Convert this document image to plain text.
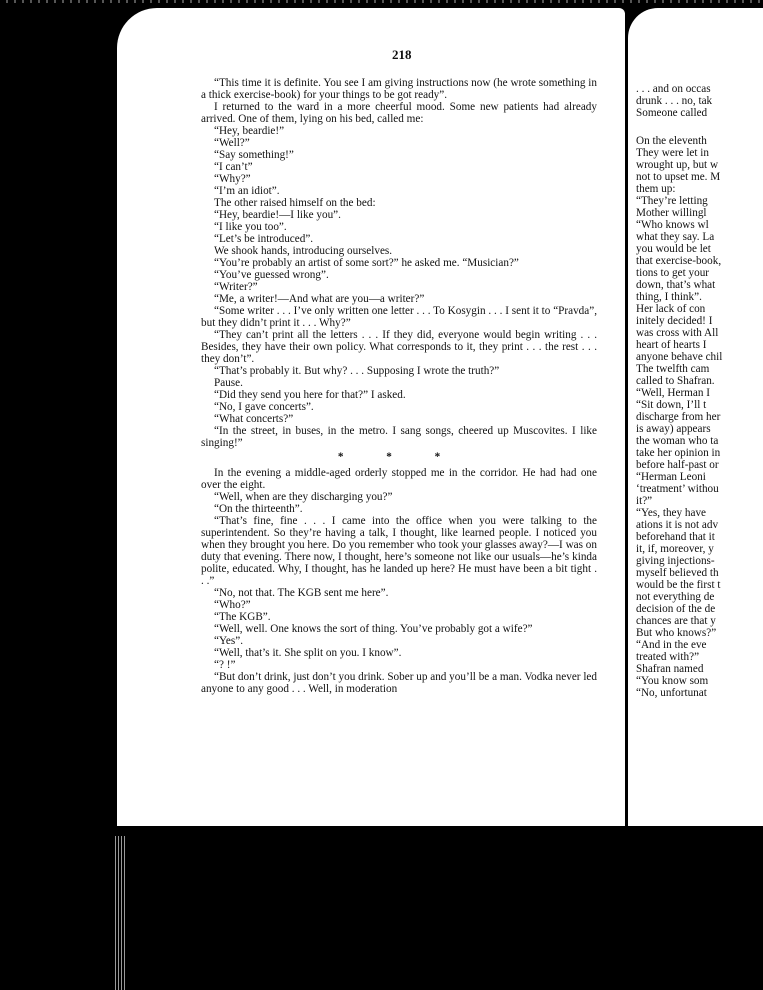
218

“This time it is definite. You see I am giving instructions now (he wrote something in a thick exercise-book) for your things to be got ready”.

I returned to the ward in a more cheerful mood. Some new patients had already arrived. One of them, lying on his bed, called me:

“Hey, beardie!”

“Well?”

“Say something!”

“I can’t”

“Why?”

“I’m an idiot”.

The other raised himself on the bed:

“Hey, beardie!—I like you”.

“I like you too”.

“Let’s be introduced”.

We shook hands, introducing ourselves.

“You’re probably an artist of some sort?” he asked me. “Musician?”

“You’ve guessed wrong”.

“Writer?”

“Me, a writer!—And what are you—a writer?”

“Some writer . . . I’ve only written one letter . . . To Kosygin . . . I sent it to “Pravda”, but they didn’t print it . . . Why?”

“They can’t print all the letters . . . If they did, everyone would begin writing . . . Besides, they have their own policy. What corresponds to it, they print . . . the rest . . . they don’t”.

“That’s probably it. But why? . . . Supposing I wrote the truth?”

Pause.

“Did they send you here for that?” I asked.

“No, I gave concerts”.

“What concerts?”

“In the street, in buses, in the metro. I sang songs, cheered up Muscovites. I like singing!”

* * *

In the evening a middle-aged orderly stopped me in the corridor. He had had one over the eight.

“Well, when are they discharging you?”

“On the thirteenth”.

“That’s fine, fine . . . I came into the office when you were talking to the superintendent. So they’re having a talk, I thought, like learned people. I noticed you when they brought you here. Do you remember who took your glasses away?—I was on duty that evening. There now, I thought, here’s someone not like our usuals—he’s kinda polite, educated. Why, I thought, has he landed up here? He must have been a bit tight . . .”

“No, not that. The KGB sent me here”.

“Who?”

“The KGB”.

“Well, well. One knows the sort of thing. You’ve probably got a wife?”

“Yes”.

“Well, that’s it. She split on you. I know”.

“? !”

“But don’t drink, just don’t you drink. Sober up and you’ll be a man. Vodka never led anyone to any good . . . Well, in moderation

. . . and on occas

drunk . . . no, tak

Someone called

On the eleventh

They were let in

wrought up, but w

not to upset me. M

them up:

“They’re letting

Mother willingl

“Who knows wl

what they say. La

you would be let

that exercise-book,

tions to get your

down, that’s what

thing, I think”.

Her lack of con

initely decided! I

was cross with All

heart of hearts I

anyone behave chil

The twelfth cam

called to Shafran.

“Well, Herman I

“Sit down, I’ll t

discharge from her

is away) appears

the woman who ta

take her opinion in

before half-past or

“Herman Leoni

‘treatment’ withou

it?”

“Yes, they have

ations it is not adv

beforehand that it

it, if, moreover, y

giving injections-

myself believed th

would be the first t

not everything de

decision of the de

chances are that y

But who knows?”

“And in the eve

treated with?”

Shafran named

“You know som

“No, unfortunat
